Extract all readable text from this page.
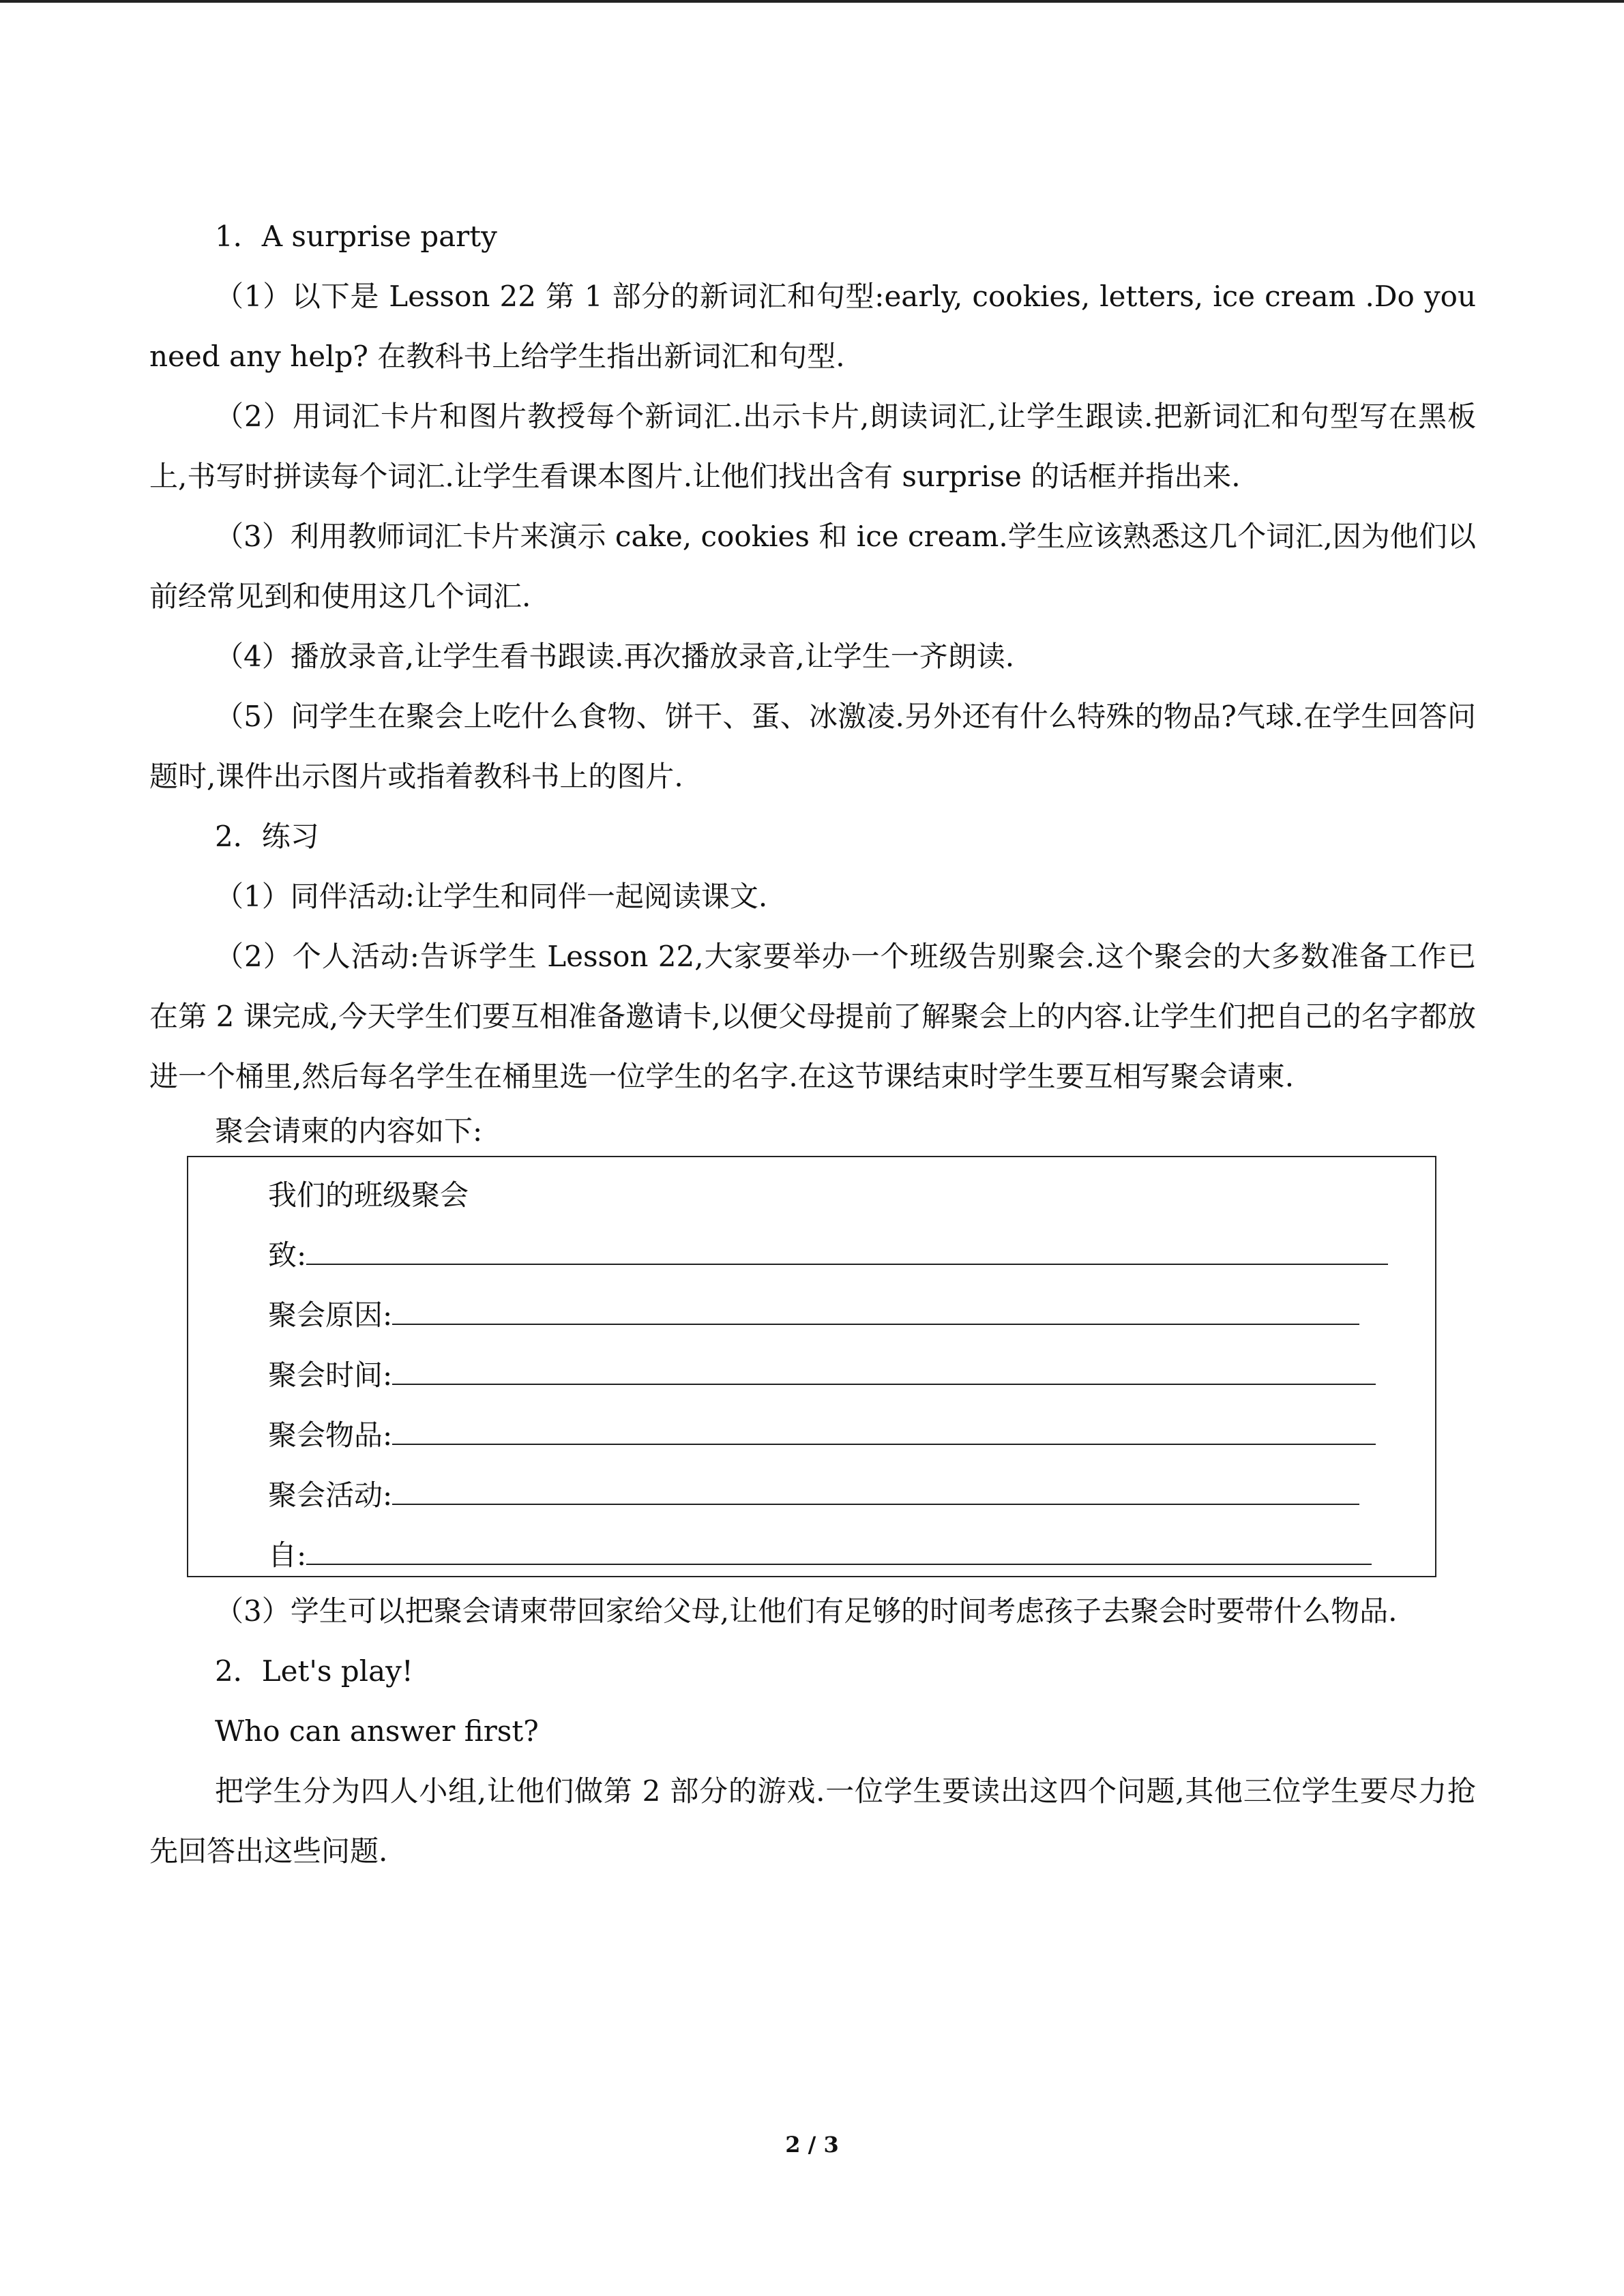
1．A surprise party

（1）以下是 Lesson 22 第 1 部分的新词汇和句型:early, cookies, letters, ice cream .Do you need any help? 在教科书上给学生指出新词汇和句型.

（2）用词汇卡片和图片教授每个新词汇.出示卡片,朗读词汇,让学生跟读.把新词汇和句型写在黑板上,书写时拼读每个词汇.让学生看课本图片.让他们找出含有 surprise 的话框并指出来.

（3）利用教师词汇卡片来演示 cake, cookies 和 ice cream.学生应该熟悉这几个词汇,因为他们以前经常见到和使用这几个词汇.

（4）播放录音,让学生看书跟读.再次播放录音,让学生一齐朗读.

（5）问学生在聚会上吃什么食物、饼干、蛋、冰激凌.另外还有什么特殊的物品?气球.在学生回答问题时,课件出示图片或指着教科书上的图片.

2．练习

（1）同伴活动:让学生和同伴一起阅读课文.

（2）个人活动:告诉学生 Lesson 22,大家要举办一个班级告别聚会.这个聚会的大多数准备工作已在第 2 课完成,今天学生们要互相准备邀请卡,以便父母提前了解聚会上的内容.让学生们把自己的名字都放进一个桶里,然后每名学生在桶里选一位学生的名字.在这节课结束时学生要互相写聚会请柬.

聚会请柬的内容如下:

我们的班级聚会
致:
聚会原因:
聚会时间:
聚会物品:
聚会活动:
自:

（3）学生可以把聚会请柬带回家给父母,让他们有足够的时间考虑孩子去聚会时要带什么物品.

2．Let's play!

Who can answer first?

把学生分为四人小组,让他们做第 2 部分的游戏.一位学生要读出这四个问题,其他三位学生要尽力抢先回答出这些问题.

2 / 3
